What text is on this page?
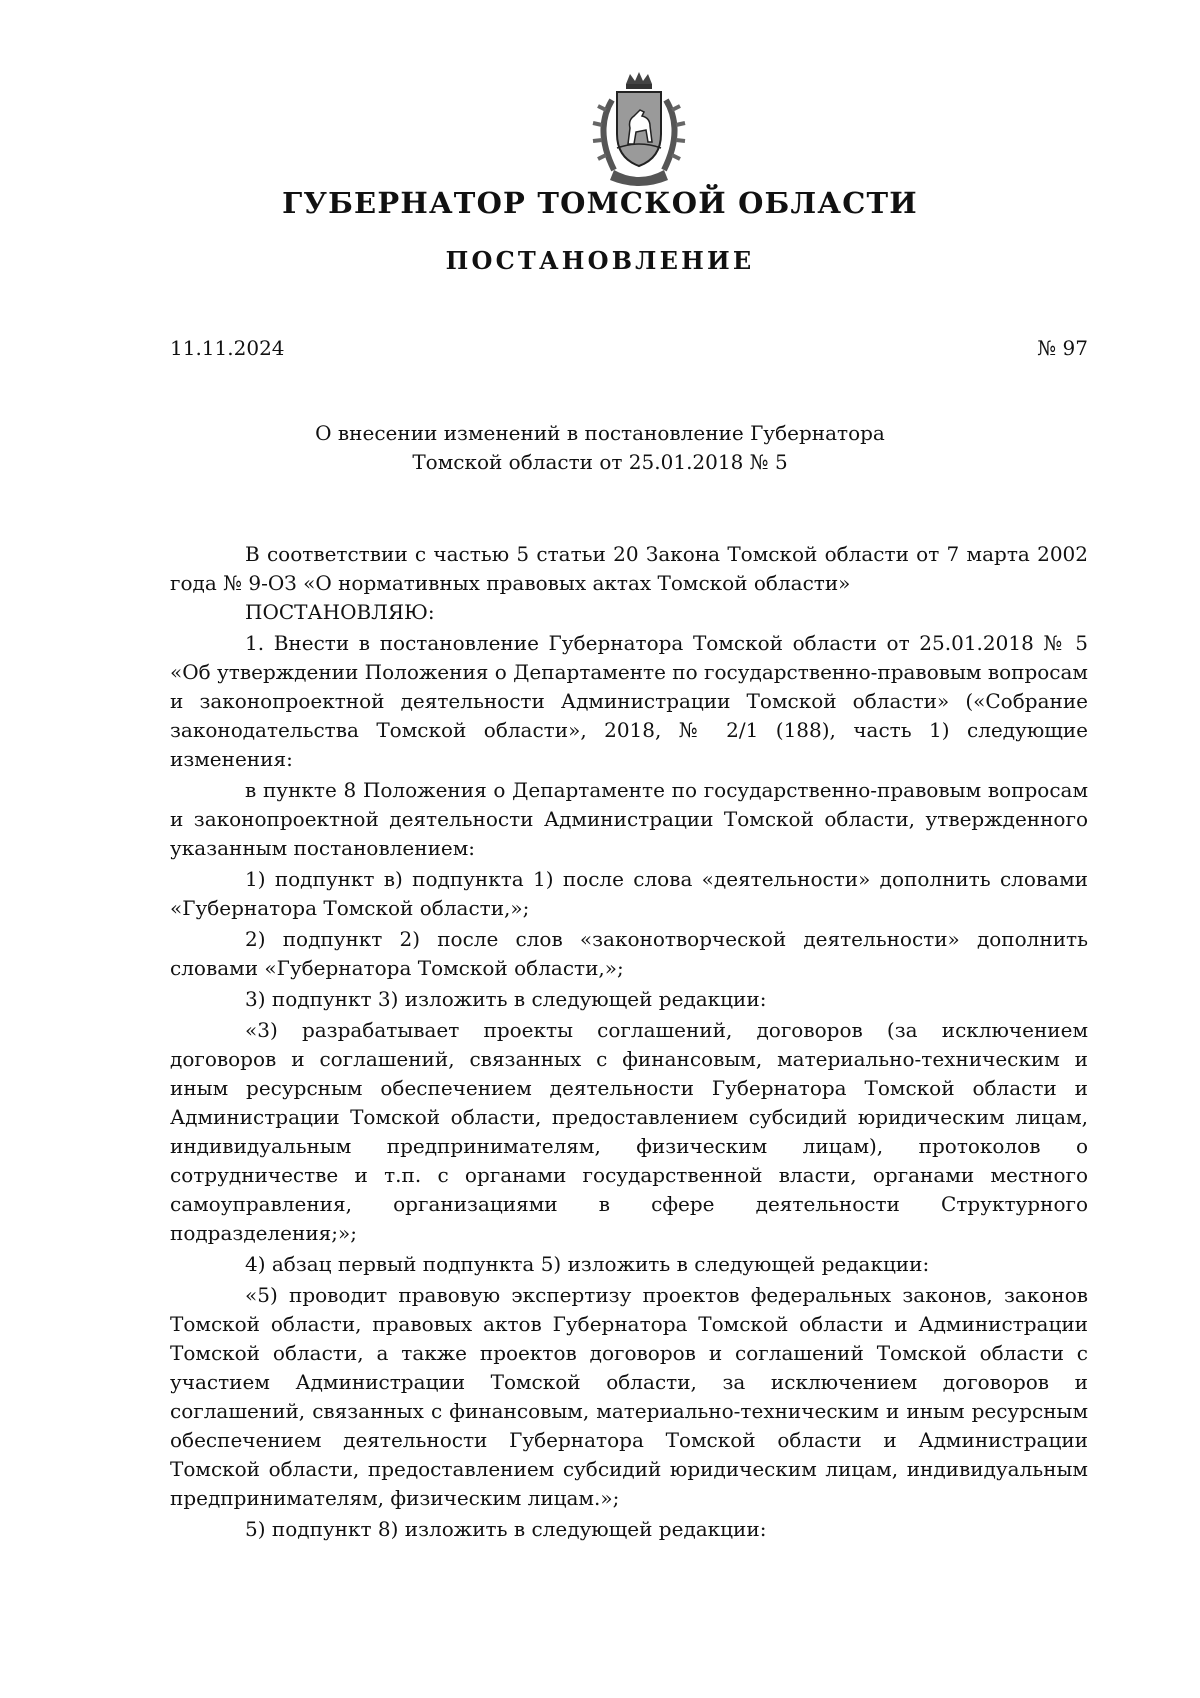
ГУБЕРНАТОР ТОМСКОЙ ОБЛАСТИ
ПОСТАНОВЛЕНИЕ
11.11.2024	№ 97
О внесении изменений в постановление Губернатора
Томской области от 25.01.2018 № 5

В соответствии с частью 5 статьи 20 Закона Томской области от 7 марта 2002 года № 9-ОЗ «О нормативных правовых актах Томской области»

ПОСТАНОВЛЯЮ:

1. Внести в постановление Губернатора Томской области от 25.01.2018 № 5 «Об утверждении Положения о Департаменте по государственно-правовым вопросам и законопроектной деятельности Администрации Томской области» («Собрание законодательства Томской области», 2018, № 2/1 (188), часть 1) следующие изменения:

в пункте 8 Положения о Департаменте по государственно-правовым вопросам и законопроектной деятельности Администрации Томской области, утвержденного указанным постановлением:

1) подпункт в) подпункта 1) после слова «деятельности» дополнить словами «Губернатора Томской области,»;

2) подпункт 2) после слов «законотворческой деятельности» дополнить словами «Губернатора Томской области,»;

3) подпункт 3) изложить в следующей редакции:

«3) разрабатывает проекты соглашений, договоров (за исключением договоров и соглашений, связанных с финансовым, материально-техническим и иным ресурсным обеспечением деятельности Губернатора Томской области и Администрации Томской области, предоставлением субсидий юридическим лицам, индивидуальным предпринимателям, физическим лицам), протоколов о сотрудничестве и т.п. с органами государственной власти, органами местного самоуправления, организациями в сфере деятельности Структурного подразделения;»;

4) абзац первый подпункта 5) изложить в следующей редакции:

«5) проводит правовую экспертизу проектов федеральных законов, законов Томской области, правовых актов Губернатора Томской области и Администрации Томской области, а также проектов договоров и соглашений Томской области с участием Администрации Томской области, за исключением договоров и соглашений, связанных с финансовым, материально-техническим и иным ресурсным обеспечением деятельности Губернатора Томской области и Администрации Томской области, предоставлением субсидий юридическим лицам, индивидуальным предпринимателям, физическим лицам.»;

5) подпункт 8) изложить в следующей редакции:
